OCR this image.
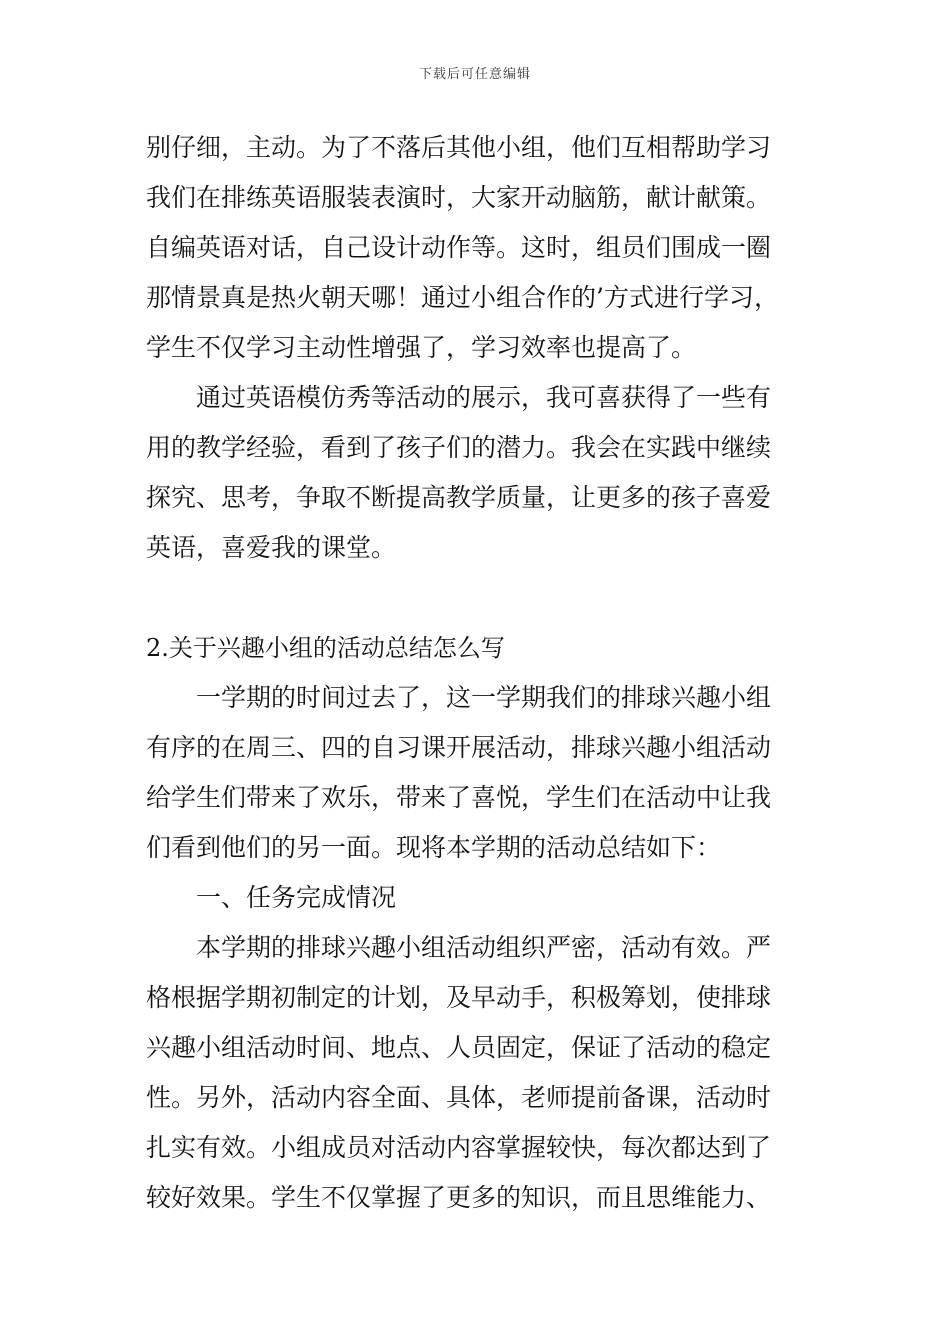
下载后可任意编辑

别仔细，主动。为了不落后其他小组，他们互相帮助学习

我们在排练英语服装表演时，大家开动脑筋，献计献策。

自编英语对话，自己设计动作等。这时，组员们围成一圈

那情景真是热火朝天哪！通过小组合作的’方式进行学习，

学生不仅学习主动性增强了，学习效率也提高了。

通过英语模仿秀等活动的展示，我可喜获得了一些有

用的教学经验，看到了孩子们的潜力。我会在实践中继续

探究、思考，争取不断提高教学质量，让更多的孩子喜爱

英语，喜爱我的课堂。

2.关于兴趣小组的活动总结怎么写

一学期的时间过去了，这一学期我们的排球兴趣小组

有序的在周三、四的自习课开展活动，排球兴趣小组活动

给学生们带来了欢乐，带来了喜悦，学生们在活动中让我

们看到他们的另一面。现将本学期的活动总结如下：

一、任务完成情况

本学期的排球兴趣小组活动组织严密，活动有效。严

格根据学期初制定的计划，及早动手，积极筹划，使排球

兴趣小组活动时间、地点、人员固定，保证了活动的稳定

性。另外，活动内容全面、具体，老师提前备课，活动时

扎实有效。小组成员对活动内容掌握较快，每次都达到了

较好效果。学生不仅掌握了更多的知识，而且思维能力、
